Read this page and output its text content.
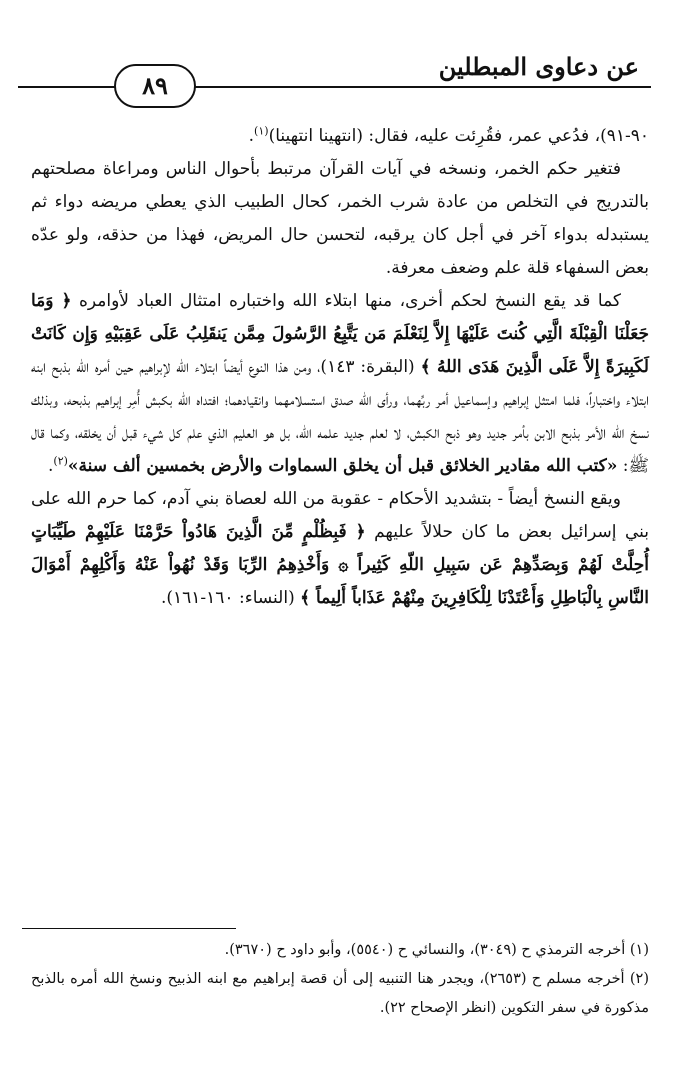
عن دعاوى المبطلين
٨٩

٩٠-٩١)، فدُعي عمر، فقُرِئت عليه، فقال: (انتهينا انتهينا)$^{(١)}$.

فتغير حكم الخمر، ونسخه في آيات القرآن مرتبط بأحوال الناس ومراعاة مصلحتهم بالتدريج في التخلص من عادة شرب الخمر، كحال الطبيب الذي يعطي مريضه دواء ثم يستبدله بدواء آخر في أجل كان يرقبه، لتحسن حال المريض، فهذا من حذقه، ولو عدّه بعض السفهاء قلة علم وضعف معرفة.

كما قد يقع النسخ لحكم أخرى، منها ابتلاء الله واختباره امتثال العباد لأوامره ﴿ وَمَا جَعَلْنَا الْقِبْلَةَ الَّتِي كُنتَ عَلَيْهَا إِلاَّ لِنَعْلَمَ مَن يَتَّبِعُ الرَّسُولَ مِمَّن يَنقَلِبُ عَلَى عَقِبَيْهِ وَإِن كَانَتْ لَكَبِيرَةً إِلاَّ عَلَى الَّذِينَ هَدَى اللهُ ﴾ (البقرة: ١٤٣)، ومن هذا النوع أيضاً ابتلاء الله لإبراهيم حين أمره الله بذبح ابنه ابتلاء واختباراً، فلما امتثل إبراهيم وإسماعيل أمر ربِّهما، ورأى الله صدق استسلامهما وانقيادهما؛ افتداه الله بكبش أُمِر إبراهيم بذبحه، وبذلك نسخ الله الأمر بذبح الابن بأمر جديد وهو ذبح الكبش، لا لعلم جديد علمه الله، بل هو العليم الذي علم كل شيء قبل أن يخلقه، وكما قال ﷺ: «كتب الله مقادير الخلائق قبل أن يخلق السماوات والأرض بخمسين ألف سنة»$^{(٢)}$.

ويقع النسخ أيضاً - بتشديد الأحكام - عقوبة من الله لعصاة بني آدم، كما حرم الله على بني إسرائيل بعض ما كان حلالاً عليهم ﴿ فَبِظُلْمٍ مِّنَ الَّذِينَ هَادُواْ حَرَّمْنَا عَلَيْهِمْ طَيِّبَاتٍ أُحِلَّتْ لَهُمْ وَبِصَدِّهِمْ عَن سَبِيلِ اللّهِ كَثِيراً ۞ وَأَخْذِهِمُ الرِّبَا وَقَدْ نُهُواْ عَنْهُ وَأَكْلِهِمْ أَمْوَالَ النَّاسِ بِالْبَاطِلِ وَأَعْتَدْنَا لِلْكَافِرِينَ مِنْهُمْ عَذَاباً أَلِيماً ﴾ (النساء: ١٦٠-١٦١).

(١) أخرجه الترمذي ح (٣٠٤٩)، والنسائي ح (٥٥٤٠)، وأبو داود ح (٣٦٧٠).

(٢) أخرجه مسلم ح (٢٦٥٣)، ويجدر هنا التنبيه إلى أن قصة إبراهيم مع ابنه الذبيح ونسخ الله أمره بالذبح مذكورة في سفر التكوين (انظر الإصحاح ٢٢).
